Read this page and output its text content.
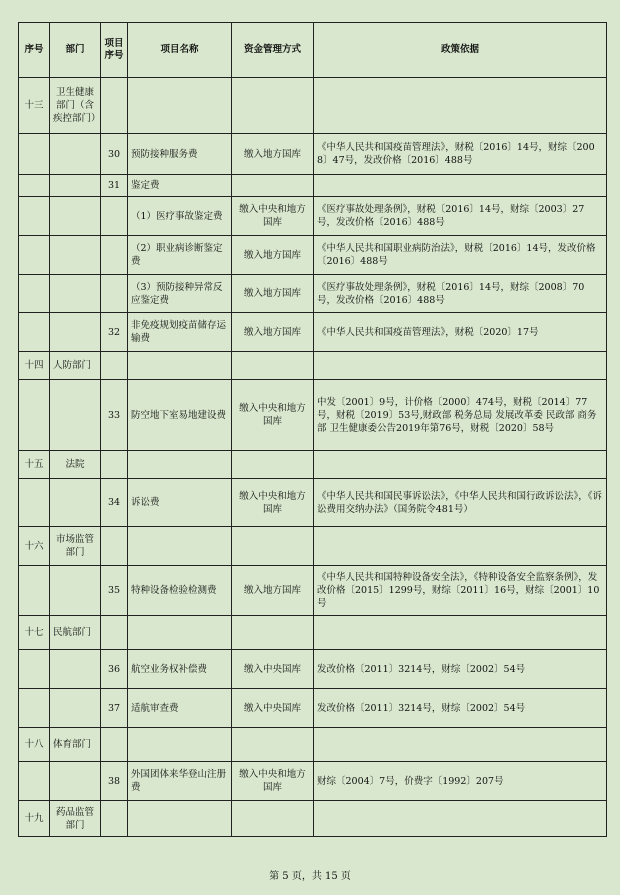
序号	部门	项目序号	项目名称	资金管理方式	政策依据
十三	卫生健康部门（含疾控部门）				
		30	预防接种服务费	缴入地方国库	《中华人民共和国疫苗管理法》，财税〔2016〕14号，财综〔2008〕47号，发改价格〔2016〕488号
		31	鉴定费		
			（1）医疗事故鉴定费	缴入中央和地方国库	《医疗事故处理条例》，财税〔2016〕14号，财综〔2003〕27号，发改价格〔2016〕488号
			（2）职业病诊断鉴定费	缴入地方国库	《中华人民共和国职业病防治法》，财税〔2016〕14号，发改价格〔2016〕488号
			（3）预防接种异常反应鉴定费	缴入地方国库	《医疗事故处理条例》，财税〔2016〕14号，财综〔2008〕70号，发改价格〔2016〕488号
		32	非免疫规划疫苗储存运输费	缴入地方国库	《中华人民共和国疫苗管理法》，财税〔2020〕17号
十四	人防部门				
		33	防空地下室易地建设费	缴入中央和地方国库	中发〔2001〕9号，计价格〔2000〕474号，财税〔2014〕77号，财税〔2019〕53号,财政部 税务总局 发展改革委 民政部 商务部 卫生健康委公告2019年第76号，财税〔2020〕58号
十五	法院				
		34	诉讼费	缴入中央和地方国库	《中华人民共和国民事诉讼法》，《中华人民共和国行政诉讼法》，《诉讼费用交纳办法》（国务院令481号）
十六	市场监管部门				
		35	特种设备检验检测费	缴入地方国库	《中华人民共和国特种设备安全法》，《特种设备安全监察条例》，发改价格〔2015〕1299号，财综〔2011〕16号，财综〔2001〕10号
十七	民航部门				
		36	航空业务权补偿费	缴入中央国库	发改价格〔2011〕3214号，财综〔2002〕54号
		37	适航审查费	缴入中央国库	发改价格〔2011〕3214号，财综〔2002〕54号
十八	体育部门				
		38	外国团体来华登山注册费	缴入中央和地方国库	财综〔2004〕7号，价费字〔1992〕207号
十九	药品监管部门				
第 5 页，共 15 页
